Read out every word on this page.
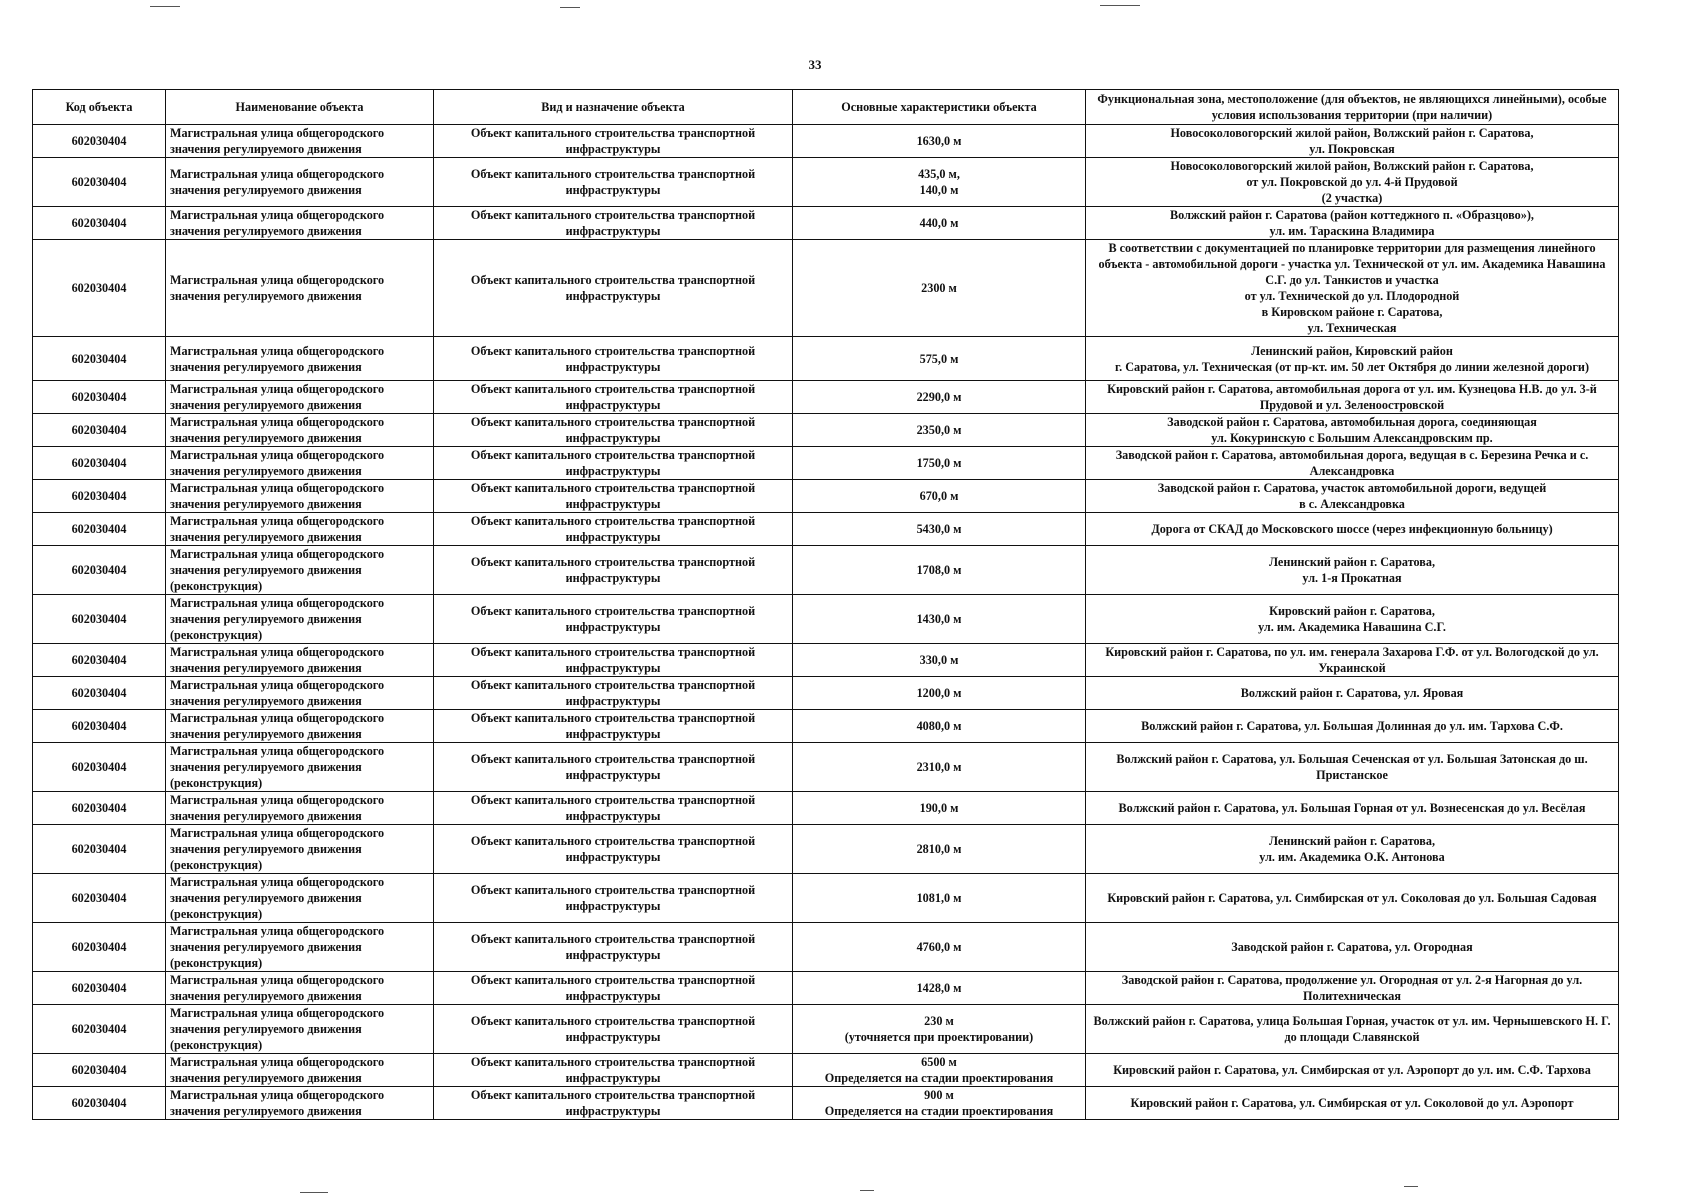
33
Код объекта	Наименование объекта	Вид и назначение объекта	Основные характеристики объекта	Функциональная зона, местоположение (для объектов, не являющихся линейными), особые условия использования территории (при наличии)
602030404	Магистральная улица общегородского значения регулируемого движения	Объект капитального строительства транспортной инфраструктуры	1630,0 м	Новосоколовогорский жилой район, Волжский район г. Саратова,
ул. Покровская
602030404	Магистральная улица общегородского значения регулируемого движения	Объект капитального строительства транспортной инфраструктуры	435,0 м,
140,0 м	Новосоколовогорский жилой район, Волжский район г. Саратова,
от ул. Покровской до ул. 4-й Прудовой
(2 участка)
602030404	Магистральная улица общегородского значения регулируемого движения	Объект капитального строительства транспортной инфраструктуры	440,0 м	Волжский район г. Саратова (район коттеджного п. «Образцово»),
ул. им. Тараскина Владимира
602030404	Магистральная улица общегородского значения регулируемого движения	Объект капитального строительства транспортной инфраструктуры	2300 м	В соответствии с документацией по планировке территории для размещения линейного объекта - автомобильной дороги - участка ул. Технической от ул. им. Академика Навашина С.Г. до ул. Танкистов и участка
от ул. Технической до ул. Плодородной
в Кировском районе г. Саратова,
ул. Техническая
602030404	Магистральная улица общегородского значения регулируемого движения	Объект капитального строительства транспортной инфраструктуры	575,0 м	Ленинский район, Кировский район
г. Саратова, ул. Техническая (от пр-кт. им. 50 лет Октября до линии железной дороги)
602030404	Магистральная улица общегородского значения регулируемого движения	Объект капитального строительства транспортной инфраструктуры	2290,0 м	Кировский район г. Саратова, автомобильная дорога от ул. им. Кузнецова Н.В. до ул. 3-й Прудовой и ул. Зеленоостровской
602030404	Магистральная улица общегородского значения регулируемого движения	Объект капитального строительства транспортной инфраструктуры	2350,0 м	Заводской район г. Саратова, автомобильная дорога, соединяющая
ул. Кокуринскую с Большим Александровским пр.
602030404	Магистральная улица общегородского значения регулируемого движения	Объект капитального строительства транспортной инфраструктуры	1750,0 м	Заводской район г. Саратова, автомобильная дорога, ведущая в с. Березина Речка и с. Александровка
602030404	Магистральная улица общегородского значения регулируемого движения	Объект капитального строительства транспортной инфраструктуры	670,0 м	Заводской район г. Саратова, участок автомобильной дороги, ведущей
в с. Александровка
602030404	Магистральная улица общегородского значения регулируемого движения	Объект капитального строительства транспортной инфраструктуры	5430,0 м	Дорога от СКАД до Московского шоссе (через инфекционную больницу)
602030404	Магистральная улица общегородского значения регулируемого движения (реконструкция)	Объект капитального строительства транспортной инфраструктуры	1708,0 м	Ленинский район г. Саратова,
ул. 1-я Прокатная
602030404	Магистральная улица общегородского значения регулируемого движения (реконструкция)	Объект капитального строительства транспортной инфраструктуры	1430,0 м	Кировский район г. Саратова,
ул. им. Академика Навашина С.Г.
602030404	Магистральная улица общегородского значения регулируемого движения	Объект капитального строительства транспортной инфраструктуры	330,0 м	Кировский район г. Саратова, по ул. им. генерала Захарова Г.Ф. от ул. Вологодской до ул. Украинской
602030404	Магистральная улица общегородского значения регулируемого движения	Объект капитального строительства транспортной инфраструктуры	1200,0 м	Волжский район г. Саратова, ул. Яровая
602030404	Магистральная улица общегородского значения регулируемого движения	Объект капитального строительства транспортной инфраструктуры	4080,0 м	Волжский район г. Саратова, ул. Большая Долинная до ул. им. Тархова С.Ф.
602030404	Магистральная улица общегородского значения регулируемого движения (реконструкция)	Объект капитального строительства транспортной инфраструктуры	2310,0 м	Волжский район г. Саратова, ул. Большая Сеченская от ул. Большая Затонская до ш. Пристанское
602030404	Магистральная улица общегородского значения регулируемого движения	Объект капитального строительства транспортной инфраструктуры	190,0 м	Волжский район г. Саратова, ул. Большая Горная от ул. Вознесенская до ул. Весёлая
602030404	Магистральная улица общегородского значения регулируемого движения (реконструкция)	Объект капитального строительства транспортной инфраструктуры	2810,0 м	Ленинский район г. Саратова,
ул. им. Академика О.К. Антонова
602030404	Магистральная улица общегородского значения регулируемого движения (реконструкция)	Объект капитального строительства транспортной инфраструктуры	1081,0 м	Кировский район г. Саратова, ул. Симбирская от ул. Соколовая до ул. Большая Садовая
602030404	Магистральная улица общегородского значения регулируемого движения (реконструкция)	Объект капитального строительства транспортной инфраструктуры	4760,0 м	Заводской район г. Саратова, ул. Огородная
602030404	Магистральная улица общегородского значения регулируемого движения	Объект капитального строительства транспортной инфраструктуры	1428,0 м	Заводской район г. Саратова, продолжение ул. Огородная от ул. 2-я Нагорная до ул. Политехническая
602030404	Магистральная улица общегородского значения регулируемого движения (реконструкция)	Объект капитального строительства транспортной инфраструктуры	230 м
(уточняется при проектировании)	Волжский район г. Саратова, улица Большая Горная, участок от ул. им. Чернышевского Н. Г. до площади Славянской
602030404	Магистральная улица общегородского значения регулируемого движения	Объект капитального строительства транспортной инфраструктуры	6500 м
Определяется на стадии проектирования	Кировский район г. Саратова, ул. Симбирская от ул. Аэропорт до ул. им. С.Ф. Тархова
602030404	Магистральная улица общегородского значения регулируемого движения	Объект капитального строительства транспортной инфраструктуры	900 м
Определяется на стадии проектирования	Кировский район г. Саратова, ул. Симбирская от ул. Соколовой до ул. Аэропорт
